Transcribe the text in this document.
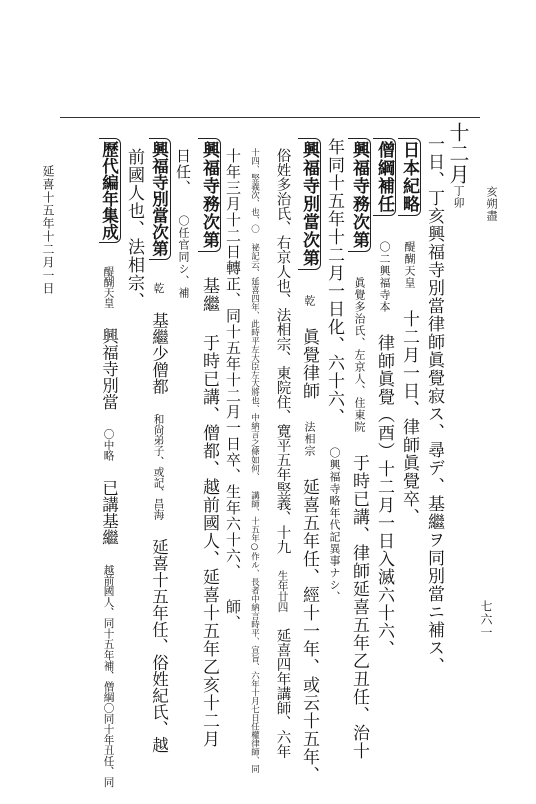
十二月丁卯 亥朔盡
一日、丁亥興福寺別當律師眞覺寂ス、尋デ、基繼ヲ同別當ニ補ス、
日本紀略 醍醐天皇 十二月一日、律師眞覺卒、
僧綱補任 〇二興福寺本 律師眞覺（酉）十二月一日入滅六十六、
興福寺務次第 眞覺多治氏、左京人、住東院 于時已講、律師延喜五年乙丑任、治十
年同十五年十二月一日化、六十六、 〇興福寺略年代記異事ナシ、
興福寺別當次第 乾 眞覺律師 法相宗 延喜五年任、經十一年、或云十五年、
俗姓多治氏、右京人也、法相宗、東院住、寛平五年竪義、十九 生年廿四 延喜四年講師、六年
十四、竪義次、也、〇 祕記云、延喜四年、此時平左大臣左大將也、中納言之條如何、 講師、十五年○作ル、長者中納言時平、宣旨、六年十月七日任權律師、同
十年三月十二日轉正、同十五年十二月一日卒、生年六十六、 師、
興福寺務次第 基繼 于時已講、僧都、越前國人、延喜十五年乙亥十二月
日任、 〇任官同シ、補
興福寺別當次第 乾 基繼少僧都 和尙弟子、或記、昌海 延喜十五年任、俗姓紀氏、越
前國人也、法相宗、
歷代編年集成 醍醐天皇 興福寺別當 〇中略 已講基繼 越前國人、同十五年補、僧綱〇同十年丑任、同
延喜十五年十二月一日
七六一
